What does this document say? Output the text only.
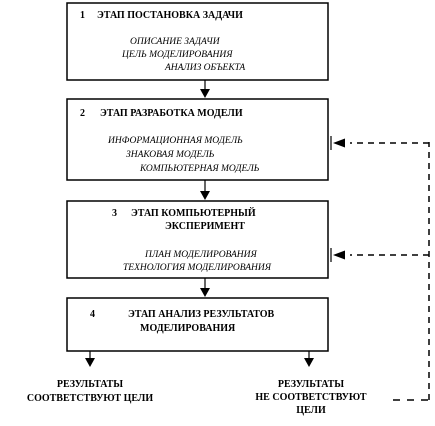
1 ЭТАП ПОСТАНОВКА ЗАДАЧИ
ОПИСАНИЕ ЗАДАЧИ
ЦЕЛЬ МОДЕЛИРОВАНИЯ
АНАЛИЗ ОБЪЕКТА
2 ЭТАП РАЗРАБОТКА МОДЕЛИ
ИНФОРМАЦИОННАЯ МОДЕЛЬ
ЗНАКОВАЯ МОДЕЛЬ
КОМПЬЮТЕРНАЯ МОДЕЛЬ
3 ЭТАП КОМПЬЮТЕРНЫЙ
ЭКСПЕРИМЕНТ
ПЛАН МОДЕЛИРОВАНИЯ
ТЕХНОЛОГИЯ МОДЕЛИРОВАНИЯ
4	ЭТАП АНАЛИЗ РЕЗУЛЬТАТОВ
МОДЕЛИРОВАНИЯ
РЕЗУЛЬТАТЫ
СООТВЕТСТВУЮТ ЦЕЛИ
РЕЗУЛЬТАТЫ
НЕ СООТВЕТСТВУЮТ
ЦЕЛИ
